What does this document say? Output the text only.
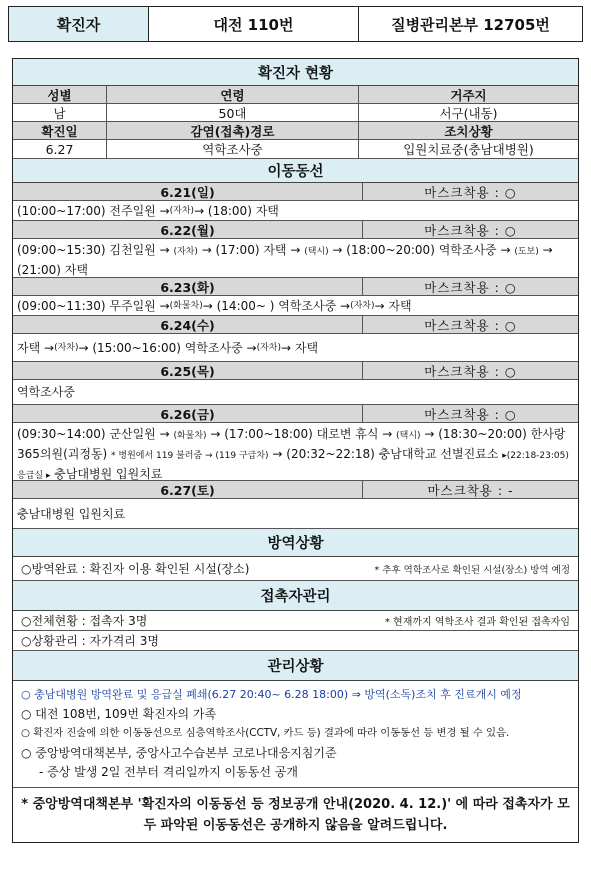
확진자	대전 110번	질병관리본부 12705번
확진자 현황
성별	연령	거주지
남	50대	서구(내동)
확진일	감염(접촉)경로	조치상황
6.27	역학조사중	입원치료중(충남대병원)
이동동선
6.21(일)	마스크착용 : ○
(10:00~17:00) 전주일원 → (자차) → (18:00) 자택
6.22(월)	마스크착용 : ○
(09:00~15:30) 김천일원 → (자차) → (17:00) 자택 → (택시) → (18:00~20:00) 역학조사중 → (도보) → (21:00) 자택
6.23(화)	마스크착용 : ○
(09:00~11:30) 무주일원 → (화물차) → (14:00~ ) 역학조사중 → (자차) → 자택
6.24(수)	마스크착용 : ○
자택 → (자차) → (15:00~16:00) 역학조사중 → (자차) → 자택
6.25(목)	마스크착용 : ○
역학조사중
6.26(금)	마스크착용 : ○
(09:30~14:00) 군산일원 → (화물차) → (17:00~18:00) 대로변 휴식 → (택시) → (18:30~20:00) 한사랑 365의원(괴정동) * 병원에서 119 불러줌 → (119 구급차) → (20:32~22:18) 충남대학교 선별진료소 ▸(22:18-23:05)응급실 ▸ 충남대병원 입원치료
6.27(토)	마스크착용 : -
충남대병원 입원치료
방역상황
○방역완료 : 확진자 이용 확인된 시설(장소)	* 추후 역학조사로 확인된 시설(장소) 방역 예정
접촉자관리
○전체현황 : 접촉자 3명	* 현재까지 역학조사 결과 확인된 접촉자임
○상황관리 : 자가격리 3명
관리상황
○ 충남대병원 방역완료 및 응급실 폐쇄(6.27 20:40~ 6.28 18:00) ⇒ 방역(소독)조치 후 진료개시 예정
○ 대전 108번, 109번 확진자의 가족
○ 확진자 진술에 의한 이동동선으로 심층역학조사(CCTV, 카드 등) 결과에 따라 이동동선 등 변경 될 수 있음.
○ 중앙방역대책본부, 중앙사고수습본부 코로나대응지침기준
- 증상 발생 2일 전부터 격리일까지 이동동선 공개
* 중앙방역대책본부 '확진자의 이동동선 등 정보공개 안내(2020. 4. 12.)' 에 따라 접촉자가 모두 파악된 이동동선은 공개하지 않음을 알려드립니다.
